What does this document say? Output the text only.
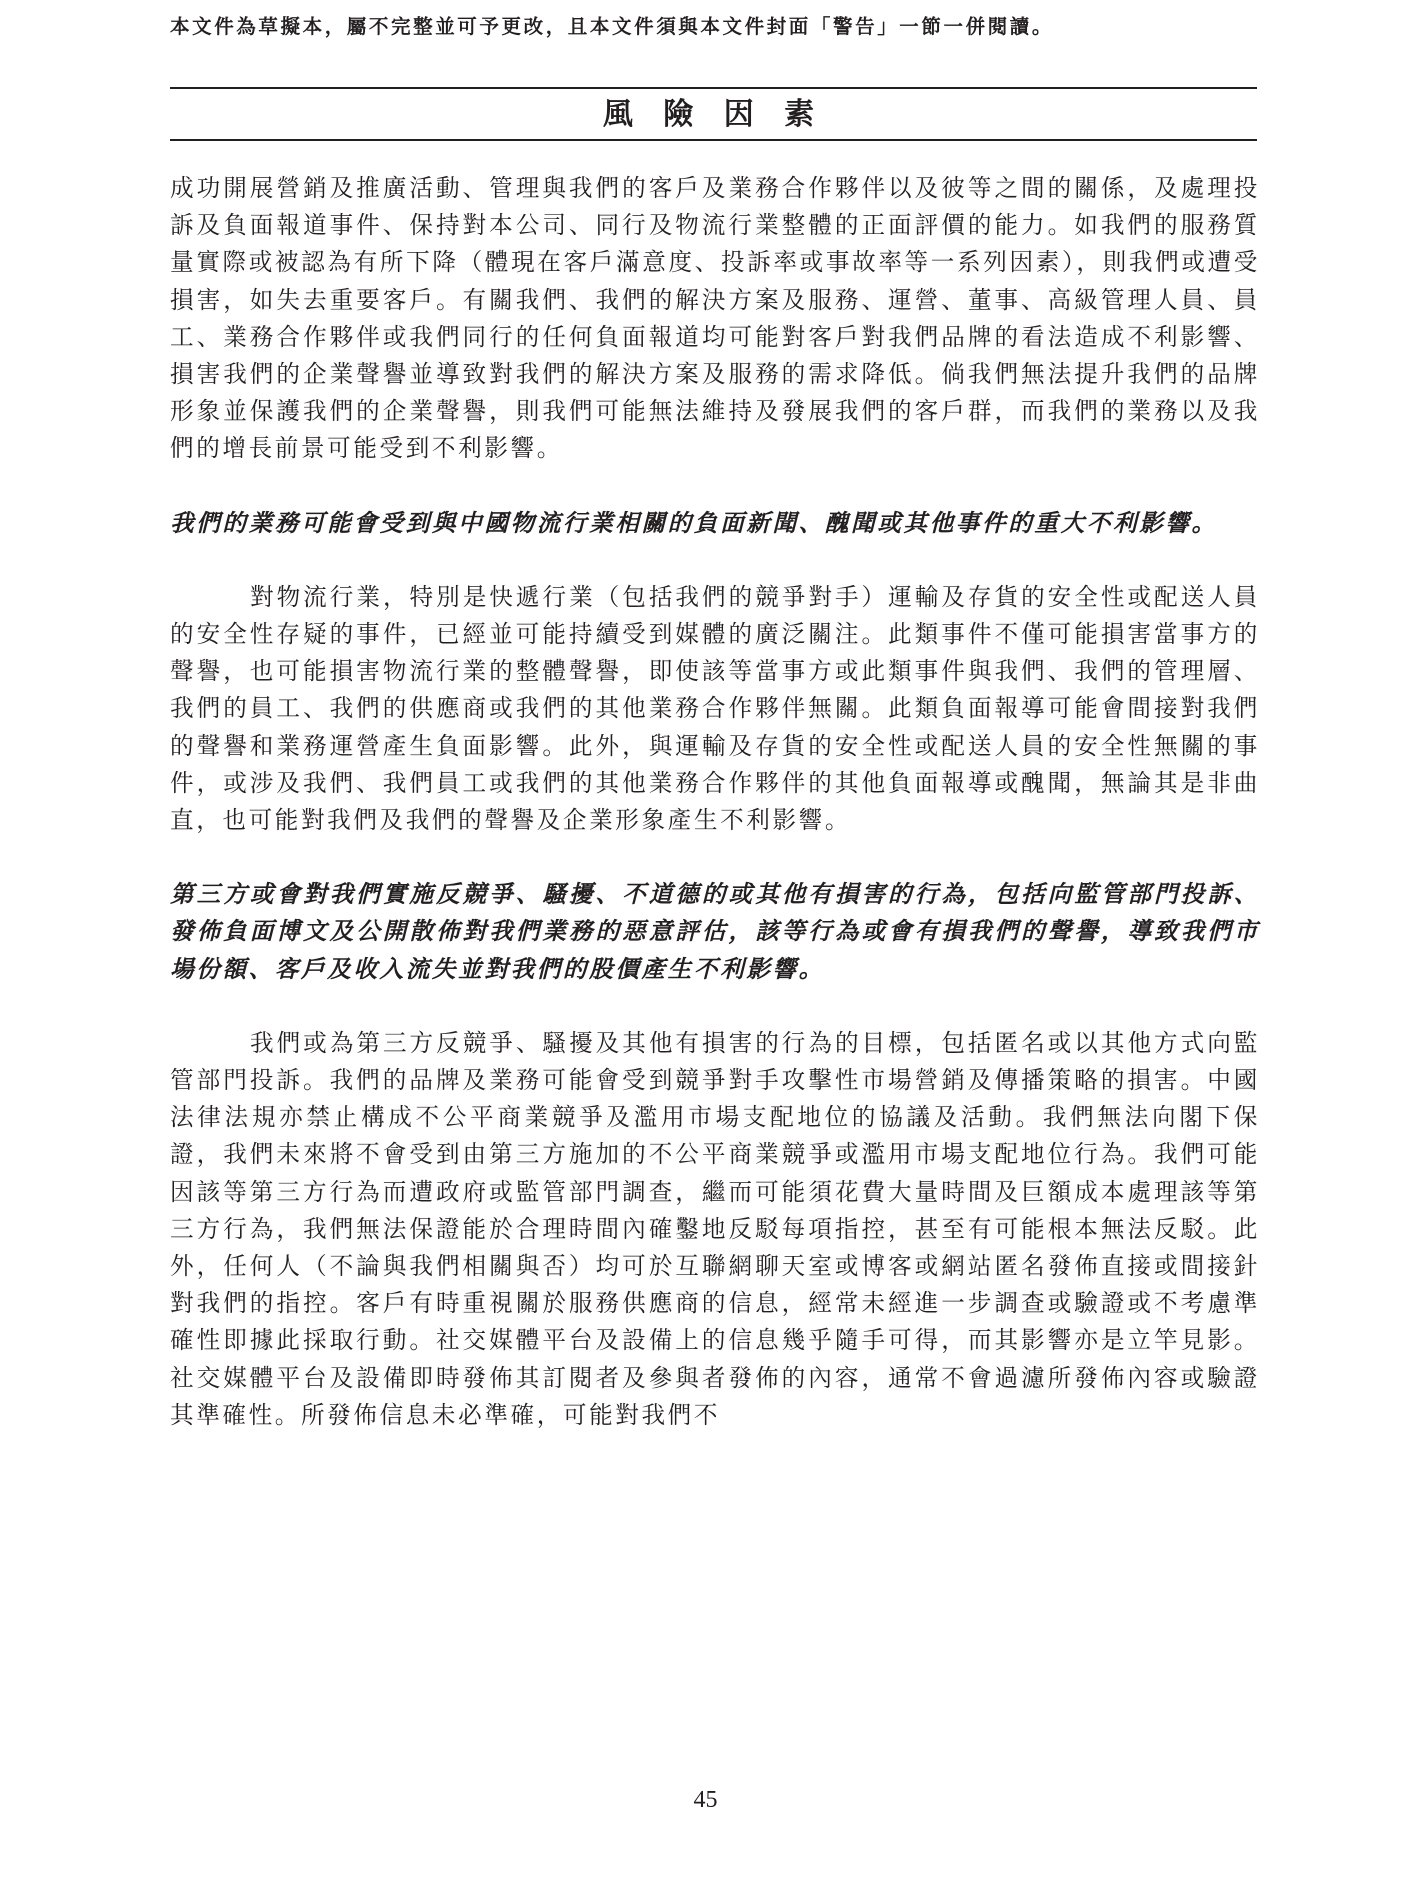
本文件為草擬本，屬不完整並可予更改，且本文件須與本文件封面「警告」一節一併閱讀。
風 險 因 素

成功開展營銷及推廣活動、管理與我們的客戶及業務合作夥伴以及彼等之間的關係，及處理投訴及負面報道事件、保持對本公司、同行及物流行業整體的正面評價的能力。如我們的服務質量實際或被認為有所下降（體現在客戶滿意度、投訴率或事故率等一系列因素），則我們或遭受損害，如失去重要客戶。有關我們、我們的解決方案及服務、運營、董事、高級管理人員、員工、業務合作夥伴或我們同行的任何負面報道均可能對客戶對我們品牌的看法造成不利影響、損害我們的企業聲譽並導致對我們的解決方案及服務的需求降低。倘我們無法提升我們的品牌形象並保護我們的企業聲譽，則我們可能無法維持及發展我們的客戶群，而我們的業務以及我們的增長前景可能受到不利影響。

我們的業務可能會受到與中國物流行業相關的負面新聞、醜聞或其他事件的重大不利影響。

對物流行業，特別是快遞行業（包括我們的競爭對手）運輸及存貨的安全性或配送人員的安全性存疑的事件，已經並可能持續受到媒體的廣泛關注。此類事件不僅可能損害當事方的聲譽，也可能損害物流行業的整體聲譽，即使該等當事方或此類事件與我們、我們的管理層、我們的員工、我們的供應商或我們的其他業務合作夥伴無關。此類負面報導可能會間接對我們的聲譽和業務運營產生負面影響。此外，與運輸及存貨的安全性或配送人員的安全性無關的事件，或涉及我們、我們員工或我們的其他業務合作夥伴的其他負面報導或醜聞，無論其是非曲直，也可能對我們及我們的聲譽及企業形象產生不利影響。

第三方或會對我們實施反競爭、騷擾、不道德的或其他有損害的行為，包括向監管部門投訴、發佈負面博文及公開散佈對我們業務的惡意評估，該等行為或會有損我們的聲譽，導致我們市場份額、客戶及收入流失並對我們的股價產生不利影響。

我們或為第三方反競爭、騷擾及其他有損害的行為的目標，包括匿名或以其他方式向監管部門投訴。我們的品牌及業務可能會受到競爭對手攻擊性市場營銷及傳播策略的損害。中國法律法規亦禁止構成不公平商業競爭及濫用市場支配地位的協議及活動。我們無法向閣下保證，我們未來將不會受到由第三方施加的不公平商業競爭或濫用市場支配地位行為。我們可能因該等第三方行為而遭政府或監管部門調查，繼而可能須花費大量時間及巨額成本處理該等第三方行為，我們無法保證能於合理時間內確鑿地反駁每項指控，甚至有可能根本無法反駁。此外，任何人（不論與我們相關與否）均可於互聯網聊天室或博客或網站匿名發佈直接或間接針對我們的指控。客戶有時重視關於服務供應商的信息，經常未經進一步調查或驗證或不考慮準確性即據此採取行動。社交媒體平台及設備上的信息幾乎隨手可得，而其影響亦是立竿見影。社交媒體平台及設備即時發佈其訂閱者及參與者發佈的內容，通常不會過濾所發佈內容或驗證其準確性。所發佈信息未必準確，可能對我們不

45
